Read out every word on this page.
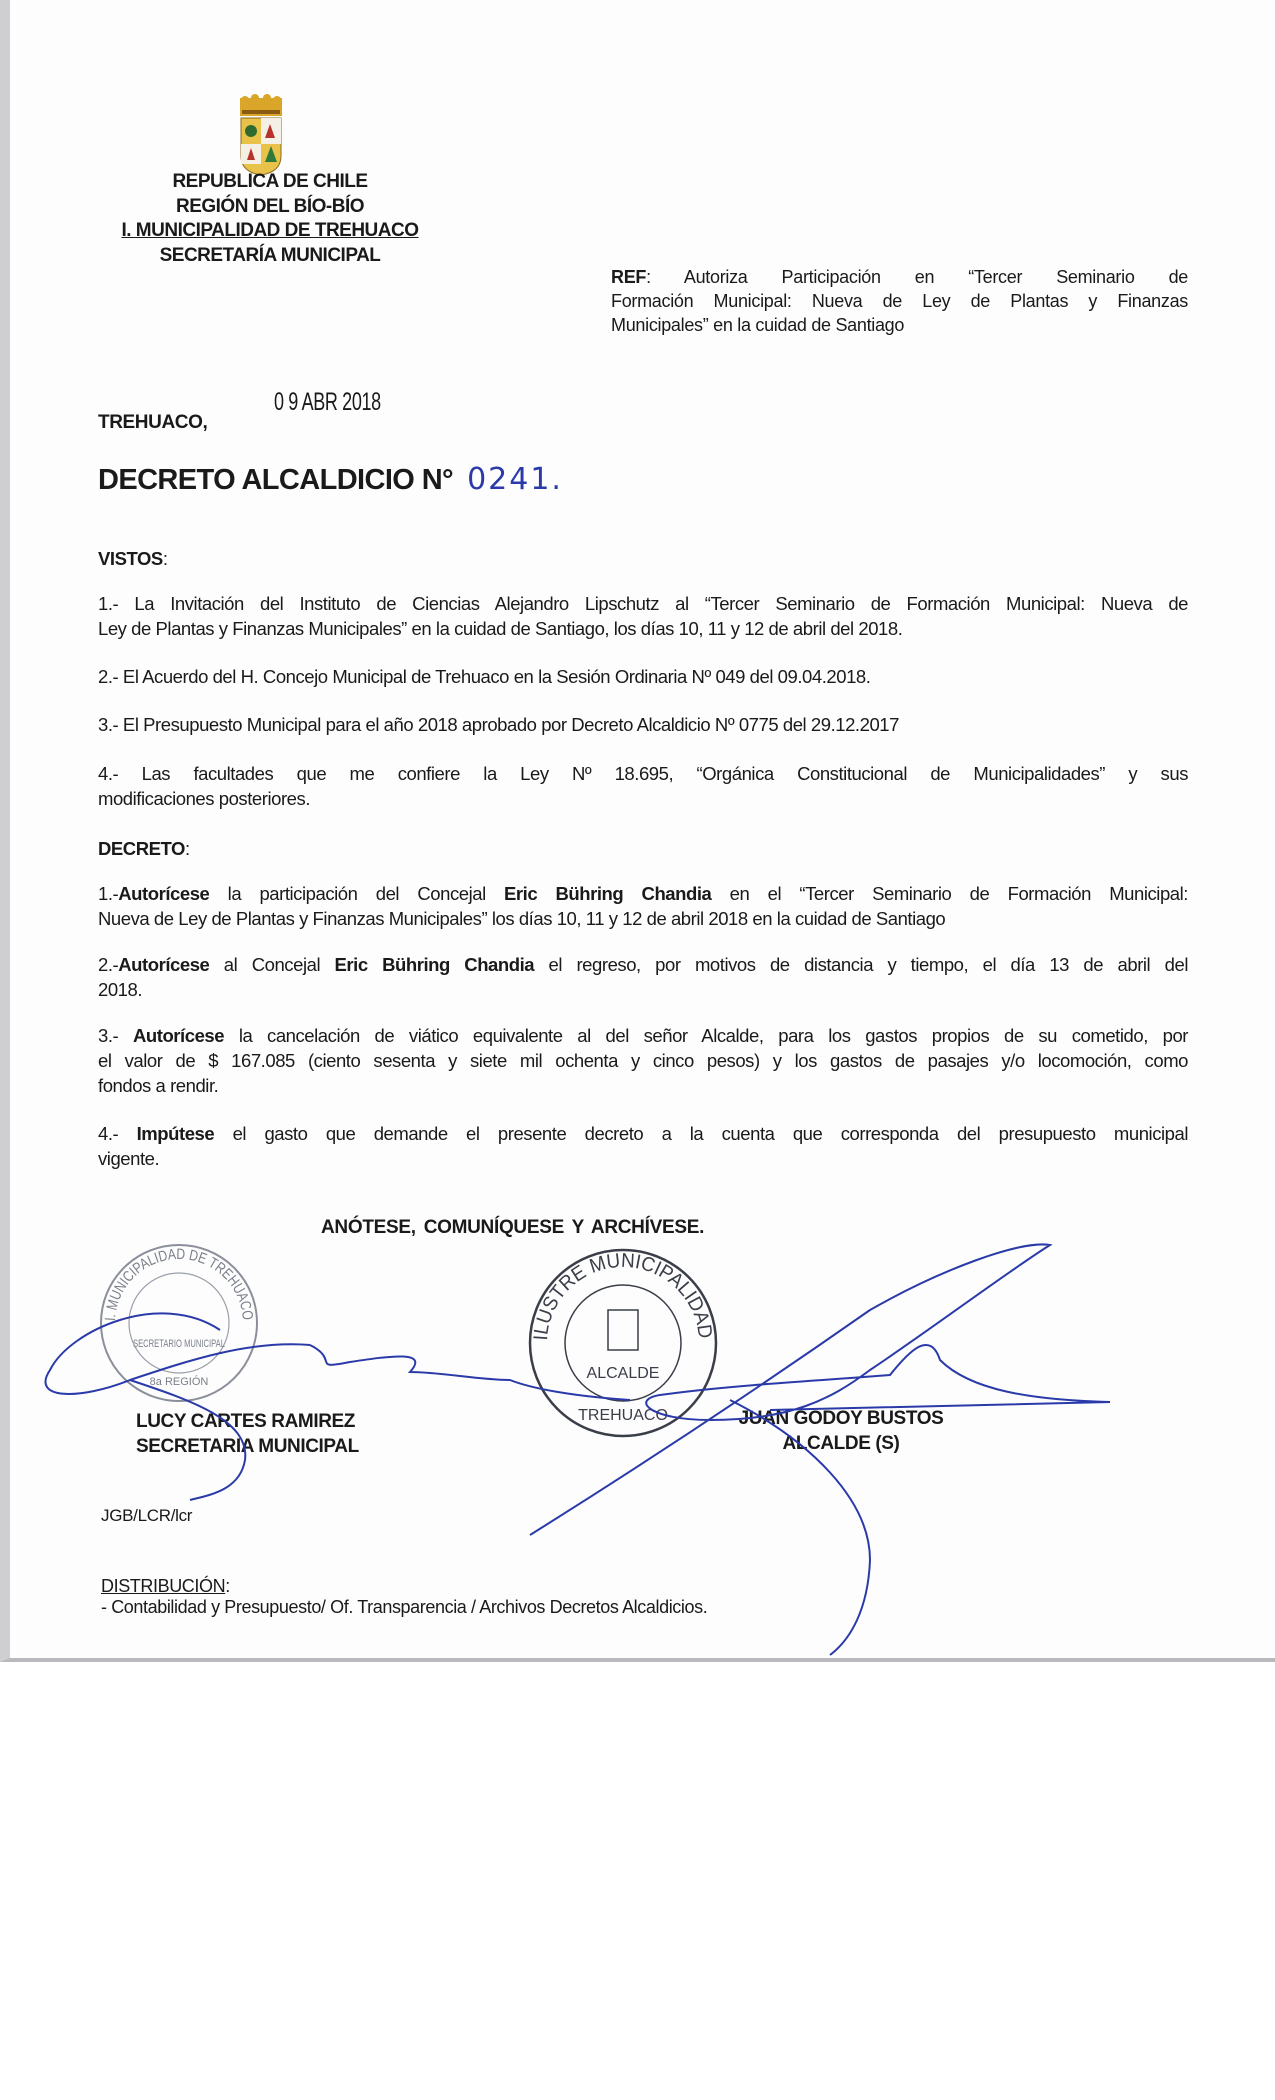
REPUBLICA DE CHILE
REGIÓN DEL BÍO-BÍO
I. MUNICIPALIDAD DE TREHUACO
SECRETARÍA MUNICIPAL
REF: Autoriza Participación en “Tercer Seminario de
Formación Municipal: Nueva de Ley de Plantas y Finanzas
Municipales” en la cuidad de Santiago
0 9 ABR 2018
TREHUACO,
DECRETO ALCALDICIO N° 0241.
VISTOS:
1.- La Invitación del Instituto de Ciencias Alejandro Lipschutz al “Tercer Seminario de Formación Municipal: Nueva de
Ley de Plantas y Finanzas Municipales” en la cuidad de Santiago, los días 10, 11 y 12 de abril del 2018.
2.- El Acuerdo del H. Concejo Municipal de Trehuaco en la Sesión Ordinaria Nº 049 del 09.04.2018.
3.- El Presupuesto Municipal para el año 2018 aprobado por Decreto Alcaldicio Nº 0775 del 29.12.2017
4.- Las facultades que me confiere la Ley Nº 18.695, “Orgánica Constitucional de Municipalidades” y sus
modificaciones posteriores.
DECRETO:
1.-Autorícese la participación del Concejal Eric Bühring Chandia en el “Tercer Seminario de Formación Municipal:
Nueva de Ley de Plantas y Finanzas Municipales” los días 10, 11 y 12 de abril 2018 en la cuidad de Santiago
2.-Autorícese al Concejal Eric Bühring Chandia el regreso, por motivos de distancia y tiempo, el día 13 de abril del
2018.
3.- Autorícese la cancelación de viático equivalente al del señor Alcalde, para los gastos propios de su cometido, por
el valor de $ 167.085 (ciento sesenta y siete mil ochenta y cinco pesos) y los gastos de pasajes y/o locomoción, como
fondos a rendir.
4.- Impútese el gasto que demande el presente decreto a la cuenta que corresponda del presupuesto municipal
vigente.
ANÓTESE, COMUNÍQUESE Y ARCHÍVESE.
I. MUNICIPALIDAD DE TREHUACO
SECRETARIO MUNICIPAL
8a REGIÓN
ILUSTRE MUNICIPALIDAD
ALCALDE
TREHUACO
LUCY CARTES RAMIREZ
SECRETARIA MUNICIPAL
JUAN GODOY BUSTOS
ALCALDE (S)
JGB/LCR/lcr
DISTRIBUCIÓN:
- Contabilidad y Presupuesto/ Of. Transparencia / Archivos Decretos Alcaldicios.
